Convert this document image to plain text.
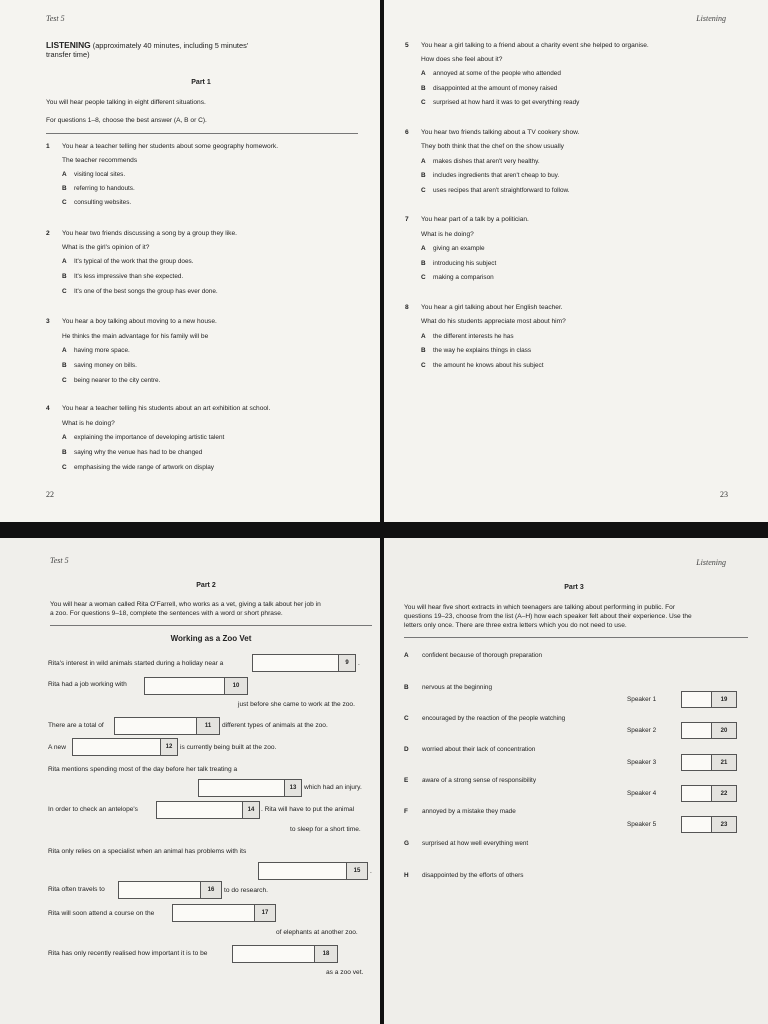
Test 5
LISTENING (approximately 40 minutes, including 5 minutes'
transfer time)
Part 1
You will hear people talking in eight different situations.
For questions 1–8, choose the best answer (A, B or C).
1 You hear a teacher telling her students about some geography homework.
The teacher recommends
A visiting local sites.
B referring to handouts.
C consulting websites.
2 You hear two friends discussing a song by a group they like.
What is the girl's opinion of it?
A It's typical of the work that the group does.
B It's less impressive than she expected.
C It's one of the best songs the group has ever done.
3 You hear a boy talking about moving to a new house.
He thinks the main advantage for his family will be
A having more space.
B saving money on bills.
C being nearer to the city centre.
4 You hear a teacher telling his students about an art exhibition at school.
What is he doing?
A explaining the importance of developing artistic talent
B saying why the venue has had to be changed
C emphasising the wide range of artwork on display
22
Listening
5 You hear a girl talking to a friend about a charity event she helped to organise.
How does she feel about it?
A annoyed at some of the people who attended
B disappointed at the amount of money raised
C surprised at how hard it was to get everything ready
6 You hear two friends talking about a TV cookery show.
They both think that the chef on the show usually
A makes dishes that aren't very healthy.
B includes ingredients that aren't cheap to buy.
C uses recipes that aren't straightforward to follow.
7 You hear part of a talk by a politician.
What is he doing?
A giving an example
B introducing his subject
C making a comparison
8 You hear a girl talking about her English teacher.
What do his students appreciate most about him?
A the different interests he has
B the way he explains things in class
C the amount he knows about his subject
23
Test 5
Part 2
You will hear a woman called Rita O'Farrell, who works as a vet, giving a talk about her job in
a zoo. For questions 9–18, complete the sentences with a word or short phrase.
Working as a Zoo Vet
Rita's interest in wild animals started during a holiday near a	9	.
Rita had a job working with	10
just before she came to work at the zoo.
There are a total of	11	different types of animals at the zoo.
A new	12	is currently being built at the zoo.
Rita mentions spending most of the day before her talk treating a
13	which had an injury.
In order to check an antelope's	14	. Rita will have to put the animal
to sleep for a short time.
Rita only relies on a specialist when an animal has problems with its
15	.
Rita often travels to	16	to do research.
Rita will soon attend a course on the	17
of elephants at another zoo.
Rita has only recently realised how important it is to be	18
as a zoo vet.
Listening
Part 3
You will hear five short extracts in which teenagers are talking about performing in public. For
questions 19–23, choose from the list (A–H) how each speaker felt about their experience. Use the
letters only once. There are three extra letters which you do not need to use.
A confident because of thorough preparation
B nervous at the beginning
C encouraged by the reaction of the people watching
D worried about their lack of concentration
E aware of a strong sense of responsibility
F annoyed by a mistake they made
G surprised at how well everything went
H disappointed by the efforts of others
Speaker 1	19
Speaker 2	20
Speaker 3	21
Speaker 4	22
Speaker 5	23
